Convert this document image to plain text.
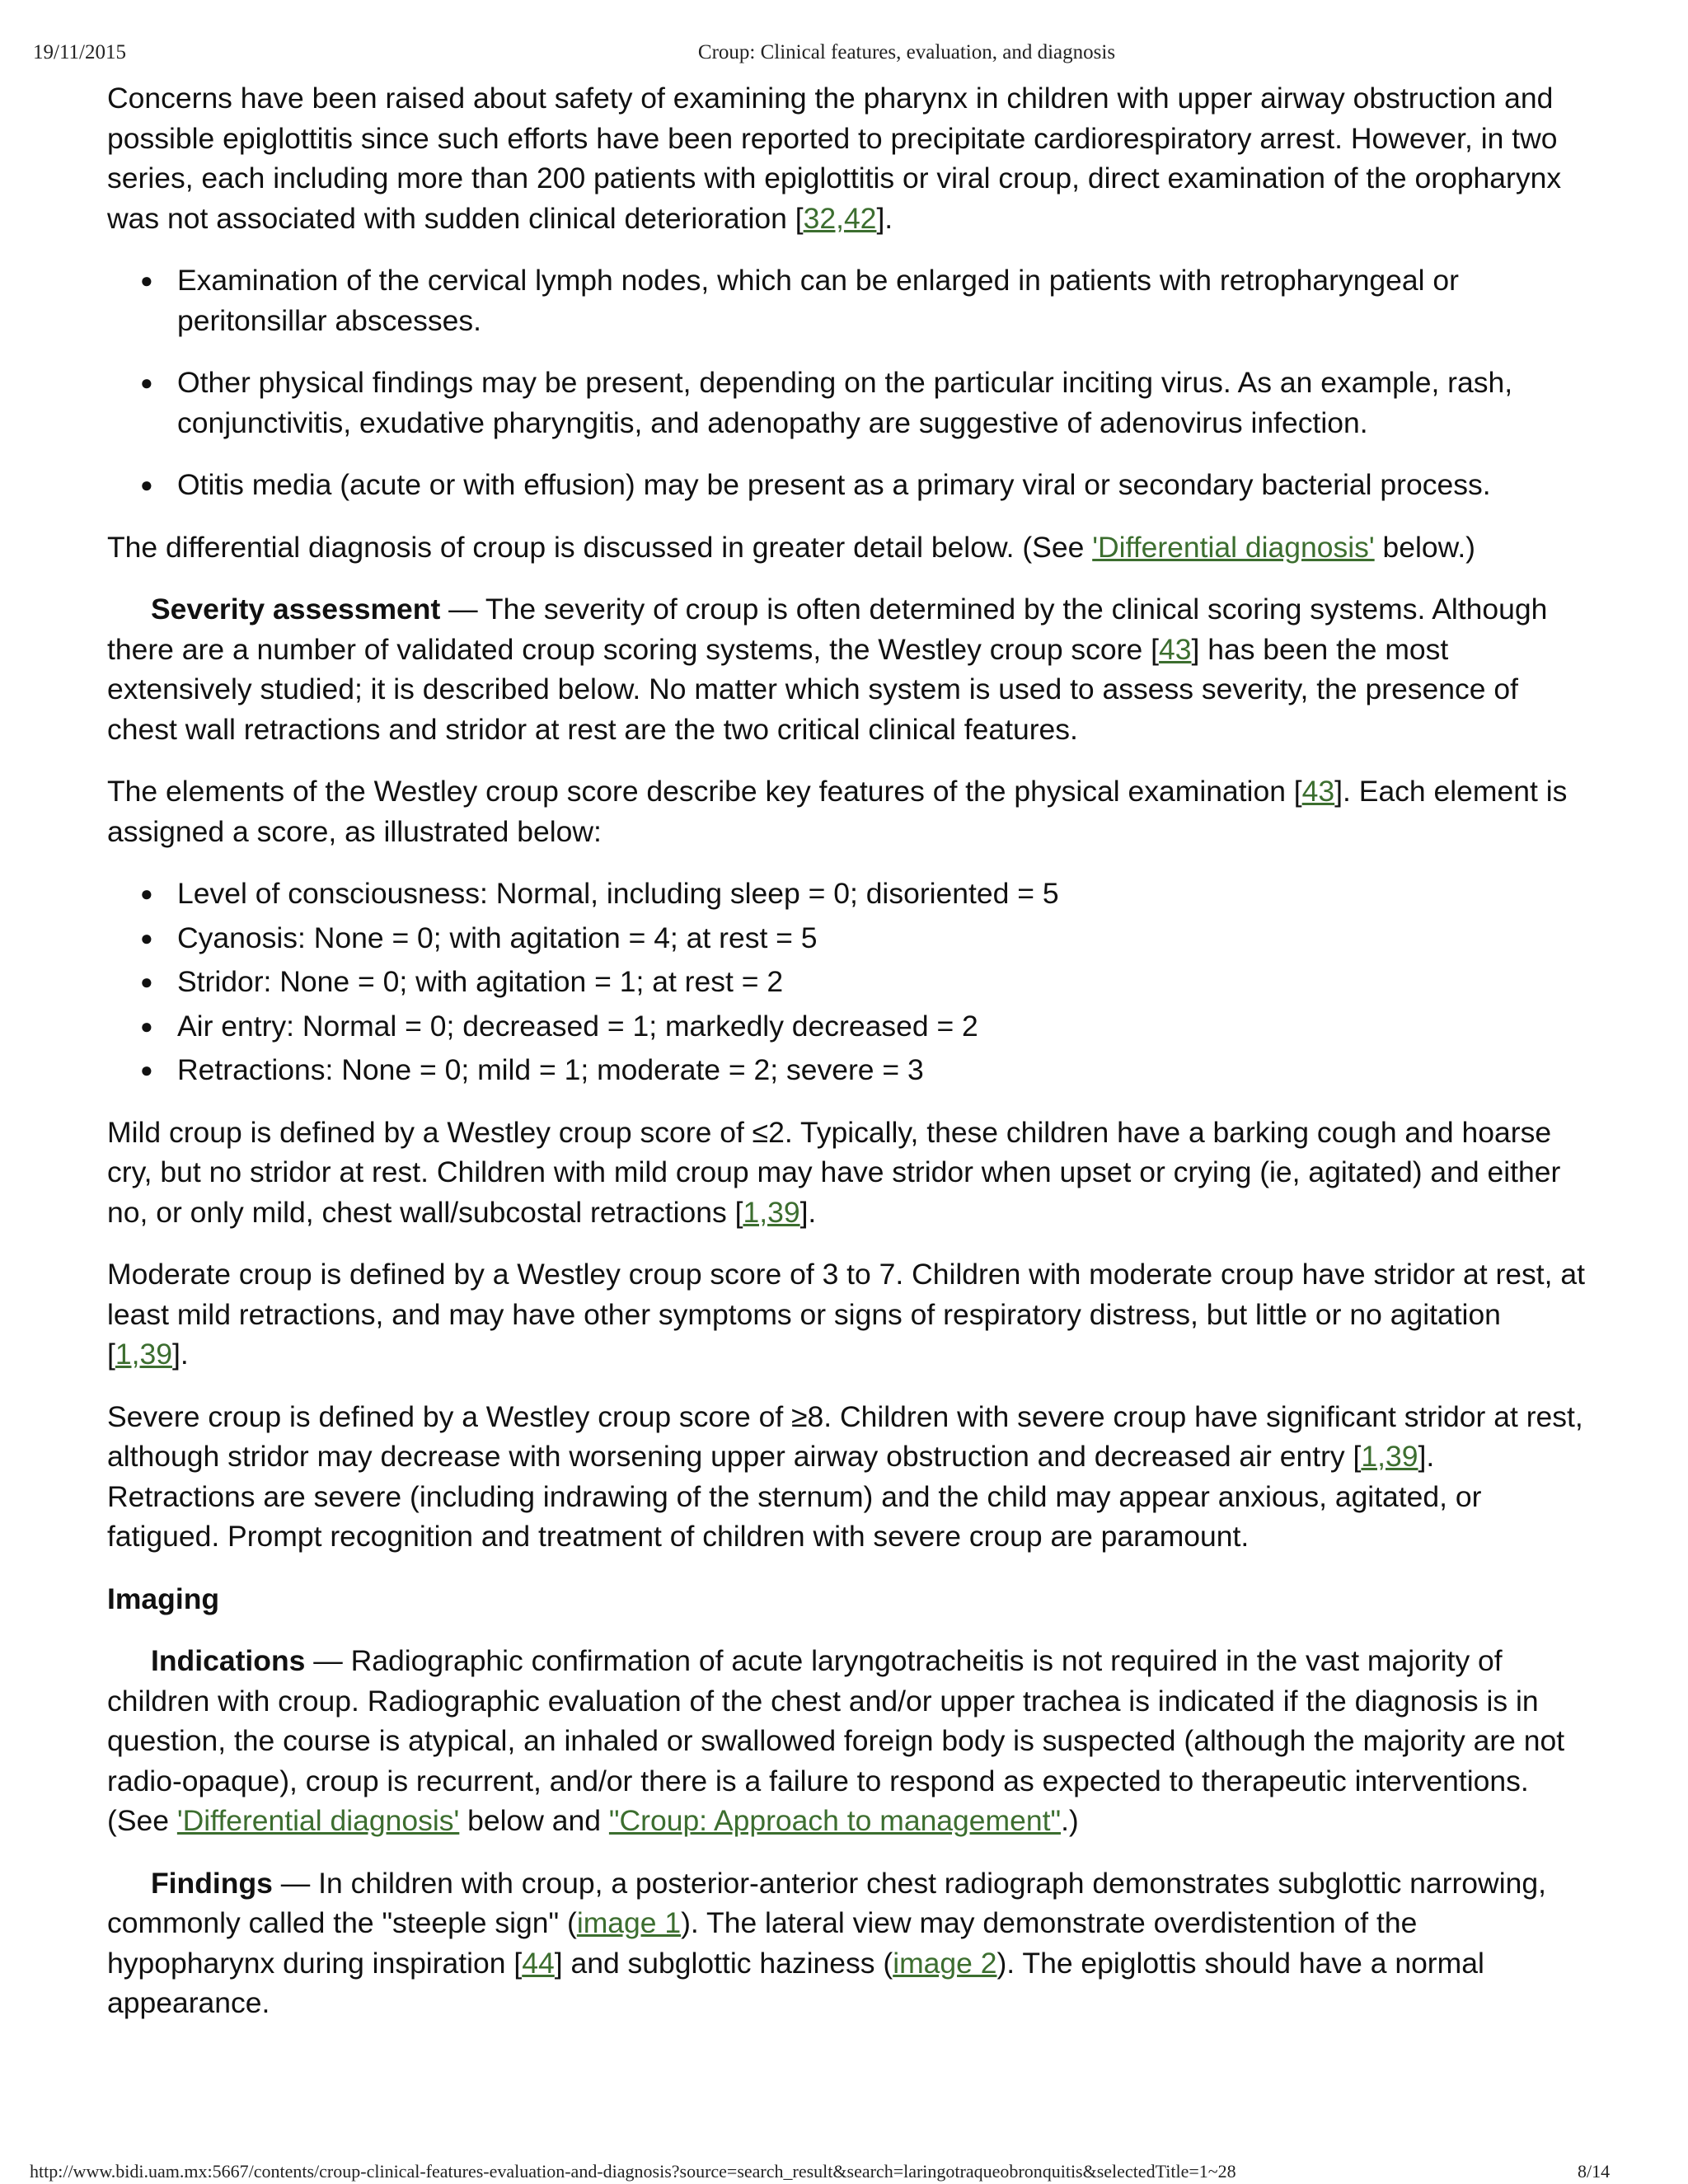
19/11/2015	Croup: Clinical features, evaluation, and diagnosis

Concerns have been raised about safety of examining the pharynx in children with upper airway obstruction and possible epiglottitis since such efforts have been reported to precipitate cardiorespiratory arrest. However, in two series, each including more than 200 patients with epiglottitis or viral croup, direct examination of the oropharynx was not associated with sudden clinical deterioration [32,42].

● Examination of the cervical lymph nodes, which can be enlarged in patients with retropharyngeal or peritonsillar abscesses.
● Other physical findings may be present, depending on the particular inciting virus. As an example, rash, conjunctivitis, exudative pharyngitis, and adenopathy are suggestive of adenovirus infection.
● Otitis media (acute or with effusion) may be present as a primary viral or secondary bacterial process.

The differential diagnosis of croup is discussed in greater detail below. (See 'Differential diagnosis' below.)

Severity assessment — The severity of croup is often determined by the clinical scoring systems. Although there are a number of validated croup scoring systems, the Westley croup score [43] has been the most extensively studied; it is described below. No matter which system is used to assess severity, the presence of chest wall retractions and stridor at rest are the two critical clinical features.

The elements of the Westley croup score describe key features of the physical examination [43]. Each element is assigned a score, as illustrated below:

● Level of consciousness: Normal, including sleep = 0; disoriented = 5
● Cyanosis: None = 0; with agitation = 4; at rest = 5
● Stridor: None = 0; with agitation = 1; at rest = 2
● Air entry: Normal = 0; decreased = 1; markedly decreased = 2
● Retractions: None = 0; mild = 1; moderate = 2; severe = 3

Mild croup is defined by a Westley croup score of ≤2. Typically, these children have a barking cough and hoarse cry, but no stridor at rest. Children with mild croup may have stridor when upset or crying (ie, agitated) and either no, or only mild, chest wall/subcostal retractions [1,39].

Moderate croup is defined by a Westley croup score of 3 to 7. Children with moderate croup have stridor at rest, at least mild retractions, and may have other symptoms or signs of respiratory distress, but little or no agitation [1,39].

Severe croup is defined by a Westley croup score of ≥8. Children with severe croup have significant stridor at rest, although stridor may decrease with worsening upper airway obstruction and decreased air entry [1,39]. Retractions are severe (including indrawing of the sternum) and the child may appear anxious, agitated, or fatigued. Prompt recognition and treatment of children with severe croup are paramount.

Imaging

Indications — Radiographic confirmation of acute laryngotracheitis is not required in the vast majority of children with croup. Radiographic evaluation of the chest and/or upper trachea is indicated if the diagnosis is in question, the course is atypical, an inhaled or swallowed foreign body is suspected (although the majority are not radio-opaque), croup is recurrent, and/or there is a failure to respond as expected to therapeutic interventions. (See 'Differential diagnosis' below and "Croup: Approach to management".)

Findings — In children with croup, a posterior-anterior chest radiograph demonstrates subglottic narrowing, commonly called the "steeple sign" (image 1). The lateral view may demonstrate overdistention of the hypopharynx during inspiration [44] and subglottic haziness (image 2). The epiglottis should have a normal appearance.

http://www.bidi.uam.mx:5667/contents/croup-clinical-features-evaluation-and-diagnosis?source=search_result&search=laringotraqueobronquitis&selectedTitle=1~28	8/14
